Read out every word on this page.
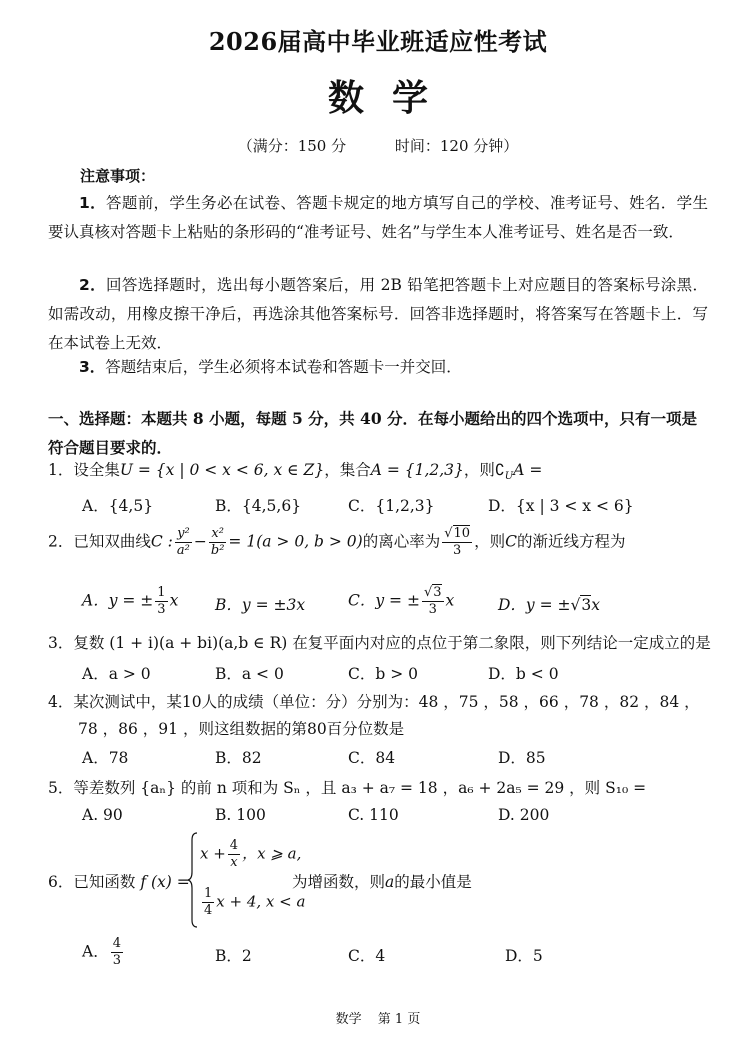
2026届高中毕业班适应性考试
数学
（满分：150 分	时间：120 分钟）
注意事项：
1．答题前，学生务必在试卷、答题卡规定的地方填写自己的学校、准考证号、姓名．学生要认真核对答题卡上粘贴的条形码的“准考证号、姓名”与学生本人准考证号、姓名是否一致．
2．回答选择题时，选出每小题答案后，用 2B 铅笔把答题卡上对应题目的答案标号涂黑．如需改动，用橡皮擦干净后，再选涂其他答案标号．回答非选择题时，将答案写在答题卡上．写在本试卷上无效．
3．答题结束后，学生必须将本试卷和答题卡一并交回．
一、选择题：本题共 8 小题，每题 5 分，共 40 分．在每小题给出的四个选项中，只有一项是符合题目要求的．
1．设全集U = {x | 0 < x < 6, x ∈ Z}，集合A = {1,2,3}，则$∁_UA$ =
A．{4,5}	B．{4,5,6}	C．{1,2,3}	D．{x | 3 < x < 6}
2．已知双曲线C : $\frac{\text{y²}}{\text{a²}} - \frac{\text{x²}}{\text{b²}} = 1(a > 0$, b > 0)的离心率为 $\frac{√10}{3}$ ，则C的渐近线方程为
A．y = ± $\frac{1}{3}$ x B．y = ±3x	C．y = ± $\frac{√3}{3}$ x	D．y = ±√3x
3．复数 (1 + i)(a + bi)(a,b ∈ R) 在复平面内对应的点位于第二象限，则下列结论一定成立的是
A．a > 0	B．a < 0	C．b > 0	D．b < 0
4．某次测试中，某10人的成绩（单位：分）分别为：48 ，75 ，58 ，66 ，78 ，82 ，84 ，
78 ，86 ，91 ，则这组数据的第80百分位数是
A．78	B．82	C．84	D．85
5．等差数列 {aₙ} 的前 n 项和为 Sₙ ，且 a₃ + a₇ = 18 ，a₆ + 2a₅ = 29 ，则 S₁₀ =
A. 90	B. 100	C. 110	D. 200
6．已知函数 f (x) =
$x + \frac{4}{x}$ ，x ⩾ a,
$\frac{1}{4}$ x + 4, x < a
为增函数，则a的最小值是
A． $\frac{4}{3}$	B．2	C．4	D．5
数学 第 1 页
